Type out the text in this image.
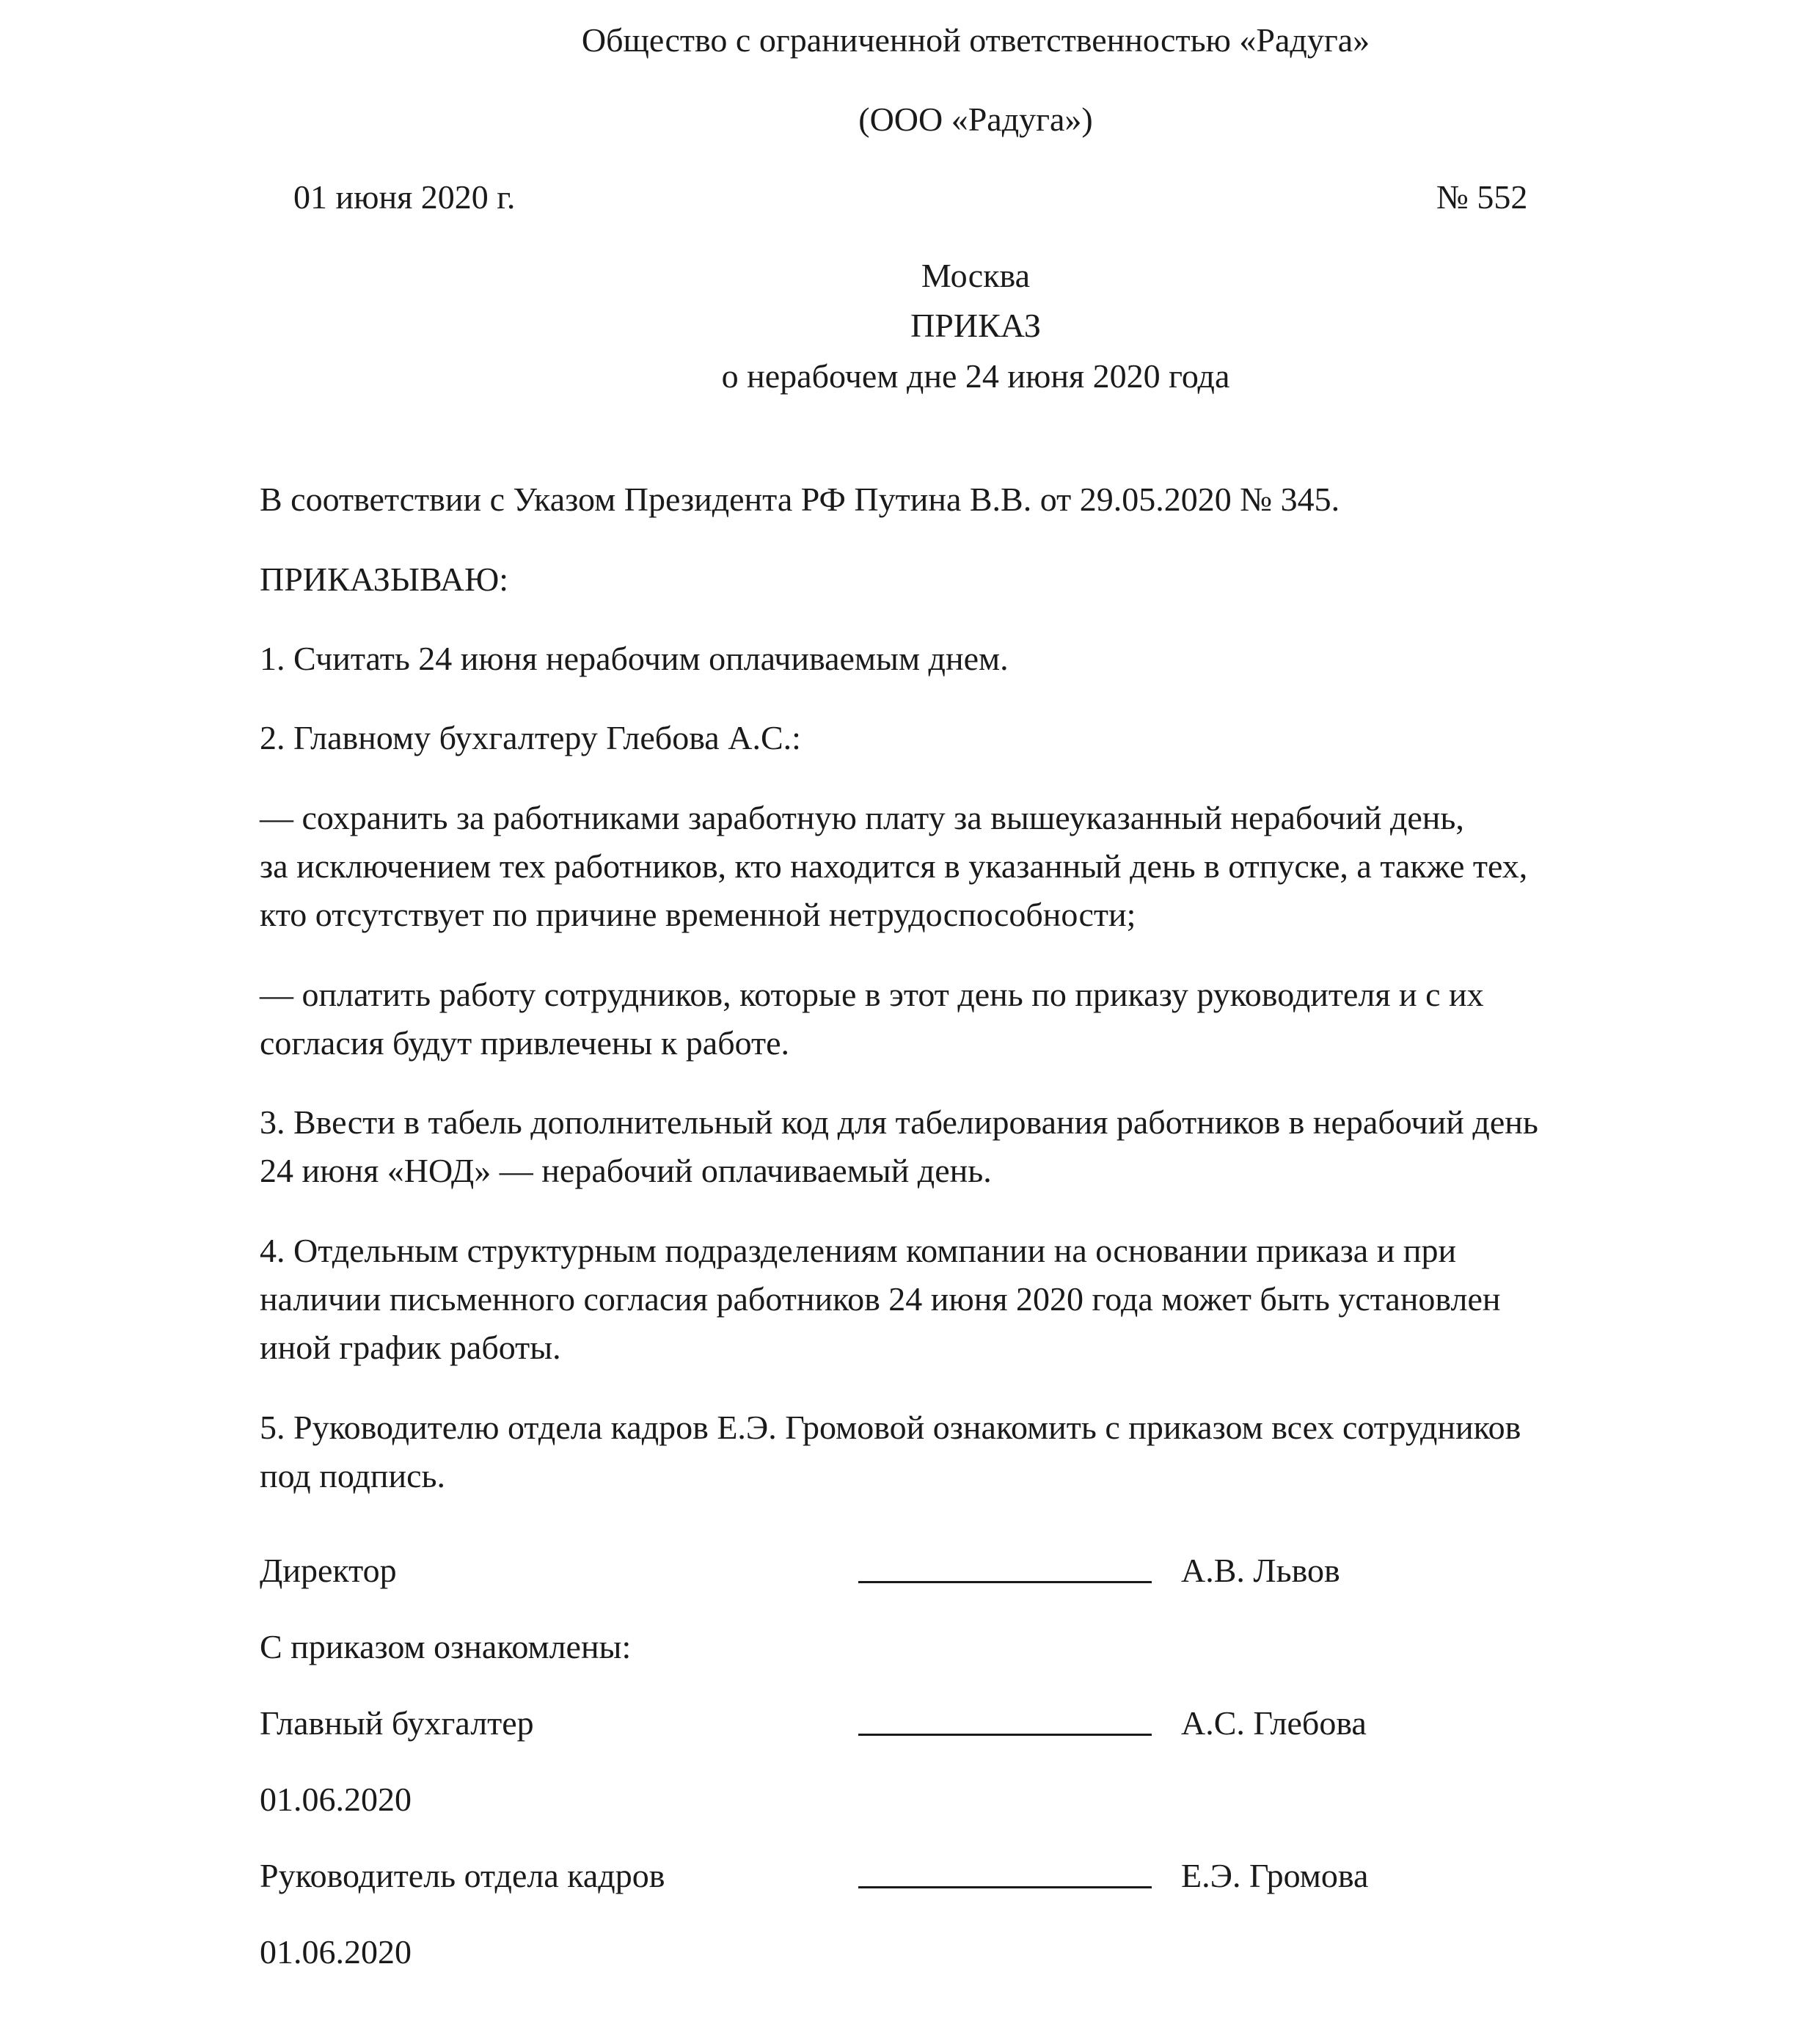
Общество с ограниченной ответственностью «Радуга»
(ООО «Радуга»)
01 июня 2020 г.	№ 552
Москва
ПРИКАЗ
о нерабочем дне 24 июня 2020 года
В соответствии с Указом Президента РФ Путина В.В. от 29.05.2020 № 345.
ПРИКАЗЫВАЮ:
1. Считать 24 июня нерабочим оплачиваемым днем.
2. Главному бухгалтеру Глебова А.С.:
— сохранить за работниками заработную плату за вышеуказанный нерабочий день,
за исключением тех работников, кто находится в указанный день в отпуске, а также тех,
кто отсутствует по причине временной нетрудоспособности;
— оплатить работу сотрудников, которые в этот день по приказу руководителя и с их
согласия будут привлечены к работе.
3. Ввести в табель дополнительный код для табелирования работников в нерабочий день
24 июня «НОД» — нерабочий оплачиваемый день.
4. Отдельным структурным подразделениям компании на основании приказа и при
наличии письменного согласия работников 24 июня 2020 года может быть установлен
иной график работы.
5. Руководителю отдела кадров Е.Э. Громовой ознакомить с приказом всех сотрудников
под подпись.
Директор	А.В. Львов
С приказом ознакомлены:
Главный бухгалтер	А.С. Глебова
01.06.2020
Руководитель отдела кадров	Е.Э. Громова
01.06.2020
